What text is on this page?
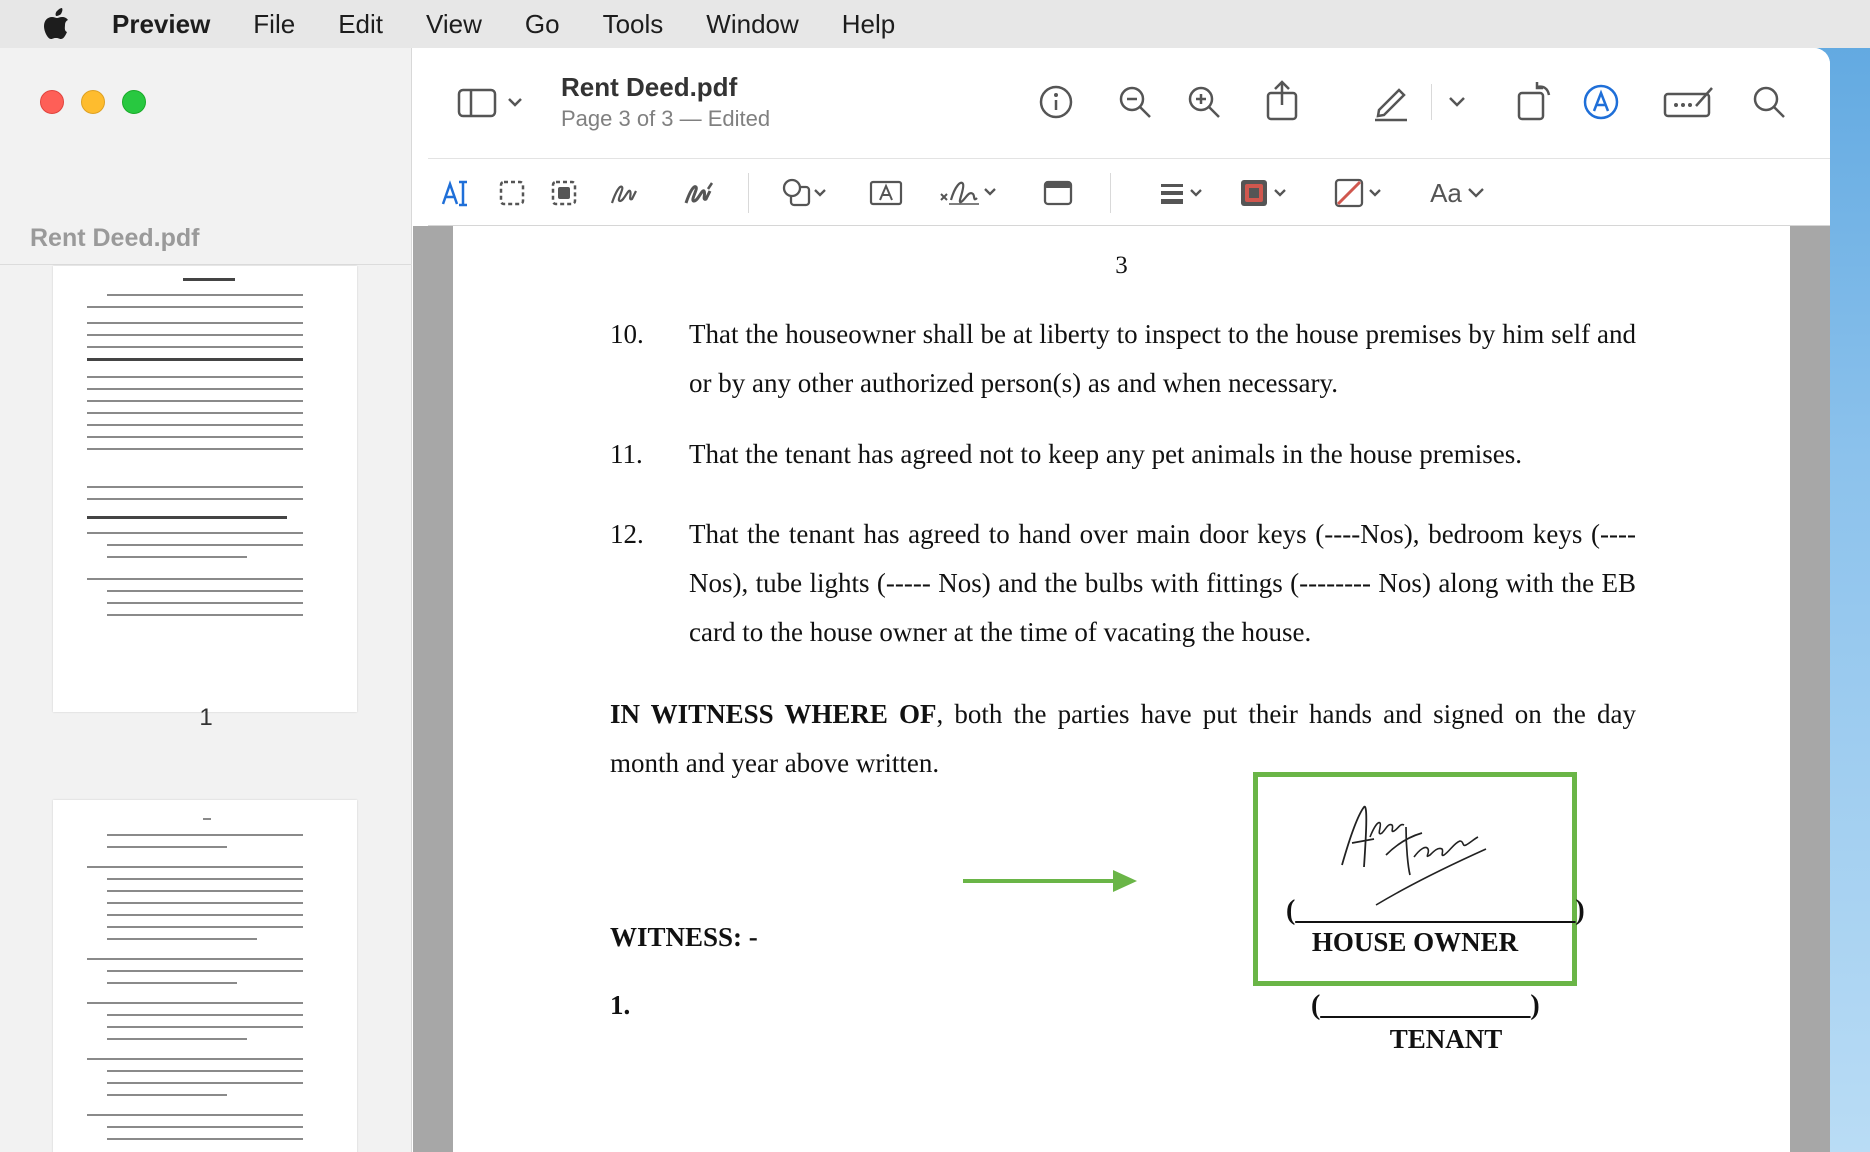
Preview File Edit View Go Tools Window Help
Rent Deed.pdf
1
Rent Deed.pdf
Page 3 of 3 — Edited
Aa
3
10. That the houseowner shall be at liberty to inspect to the house premises by him self and or by any other authorized person(s) as and when necessary.
11. That the tenant has agreed not to keep any pet animals in the house premises.
12. That the tenant has agreed to hand over main door keys (----Nos), bedroom keys (---- Nos), tube lights (----- Nos) and the bulbs with fittings (-------- Nos) along with the EB card to the house owner at the time of vacating the house.
IN WITNESS WHERE OF, both the parties have put their hands and signed on the day month and year above written.
(____________________)
HOUSE OWNER
WITNESS: -
1.	(_______________)
TENANT
